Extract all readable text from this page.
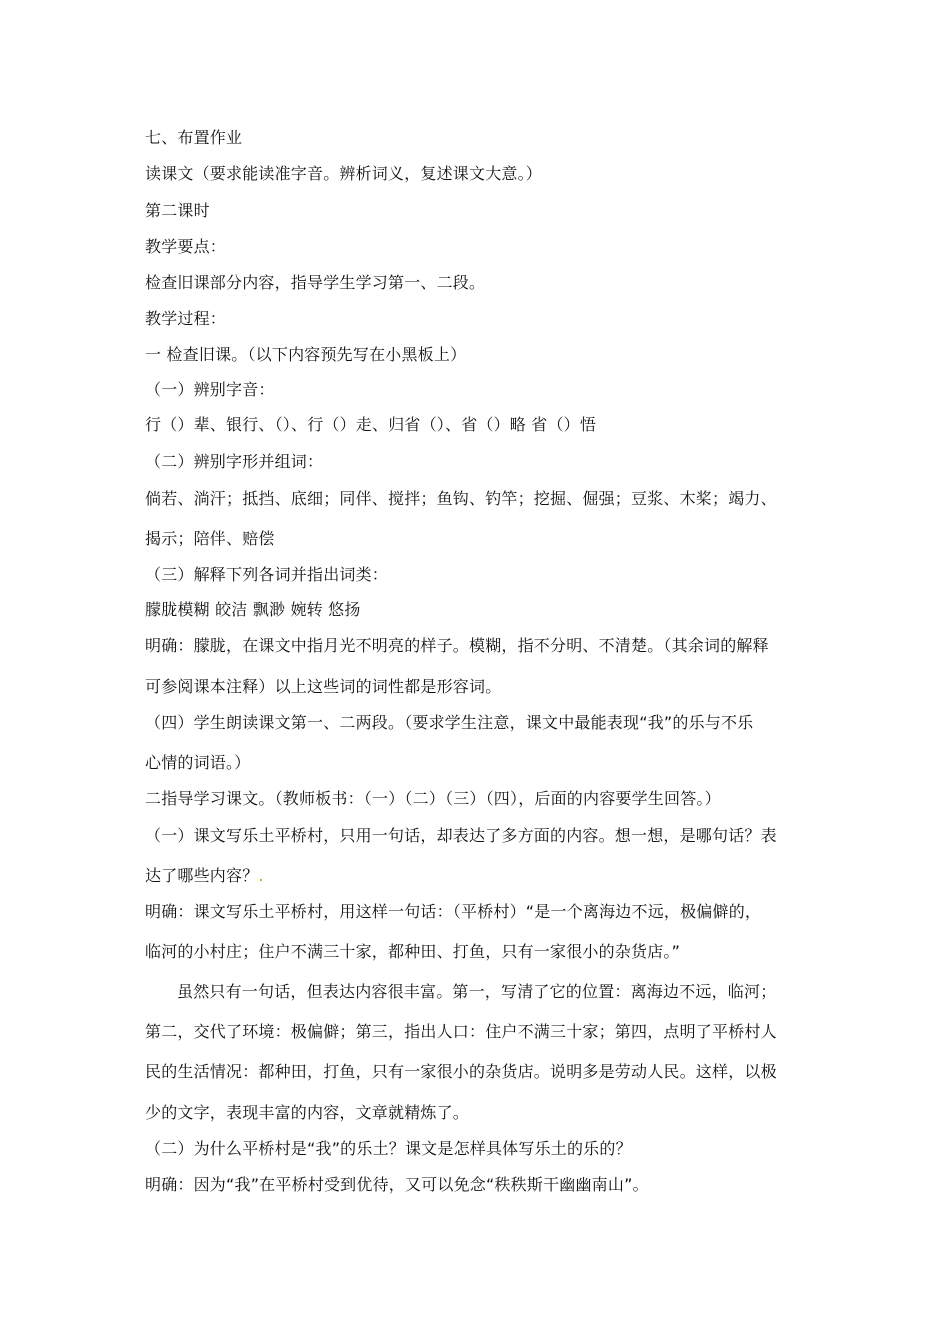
七、布置作业
读课文（要求能读准字音。辨析词义，复述课文大意。）
第二课时
教学要点：
检查旧课部分内容，指导学生学习第一、二段。
教学过程：
一 检查旧课。（以下内容预先写在小黑板上）
（一）辨别字音：
行（）辈、银行、（）、行（）走、归省（）、省（）略 省（）悟
（二）辨别字形并组词：
倘若、淌汗；抵挡、底细；同伴、搅拌；鱼钩、钓竿；挖掘、倔强；豆浆、木桨；竭力、
揭示；陪伴、赔偿
（三）解释下列各词并指出词类：
朦胧模糊 皎洁 飘渺 婉转 悠扬
明确：朦胧，在课文中指月光不明亮的样子。模糊，指不分明、不清楚。（其余词的解释
可参阅课本注释）以上这些词的词性都是形容词。
（四）学生朗读课文第一、二两段。（要求学生注意，课文中最能表现“我”的乐与不乐
心情的词语。）
二指导学习课文。（教师板书：（一）（二）（三）（四），后面的内容要学生回答。）
（一）课文写乐土平桥村，只用一句话，却表达了多方面的内容。想一想，是哪句话？表
达了哪些内容？.
明确：课文写乐土平桥村，用这样一句话：（平桥村）“是一个离海边不远，极偏僻的，
临河的小村庄；住户不满三十家，都种田、打鱼，只有一家很小的杂货店。”
虽然只有一句话，但表达内容很丰富。第一，写清了它的位置：离海边不远，临河；
第二，交代了环境：极偏僻；第三，指出人口：住户不满三十家；第四，点明了平桥村人
民的生活情况：都种田，打鱼，只有一家很小的杂货店。说明多是劳动人民。这样，以极
少的文字，表现丰富的内容，文章就精炼了。
（二）为什么平桥村是“我”的乐土？课文是怎样具体写乐土的乐的？
明确：因为“我”在平桥村受到优待，又可以免念“秩秩斯干幽幽南山”。
